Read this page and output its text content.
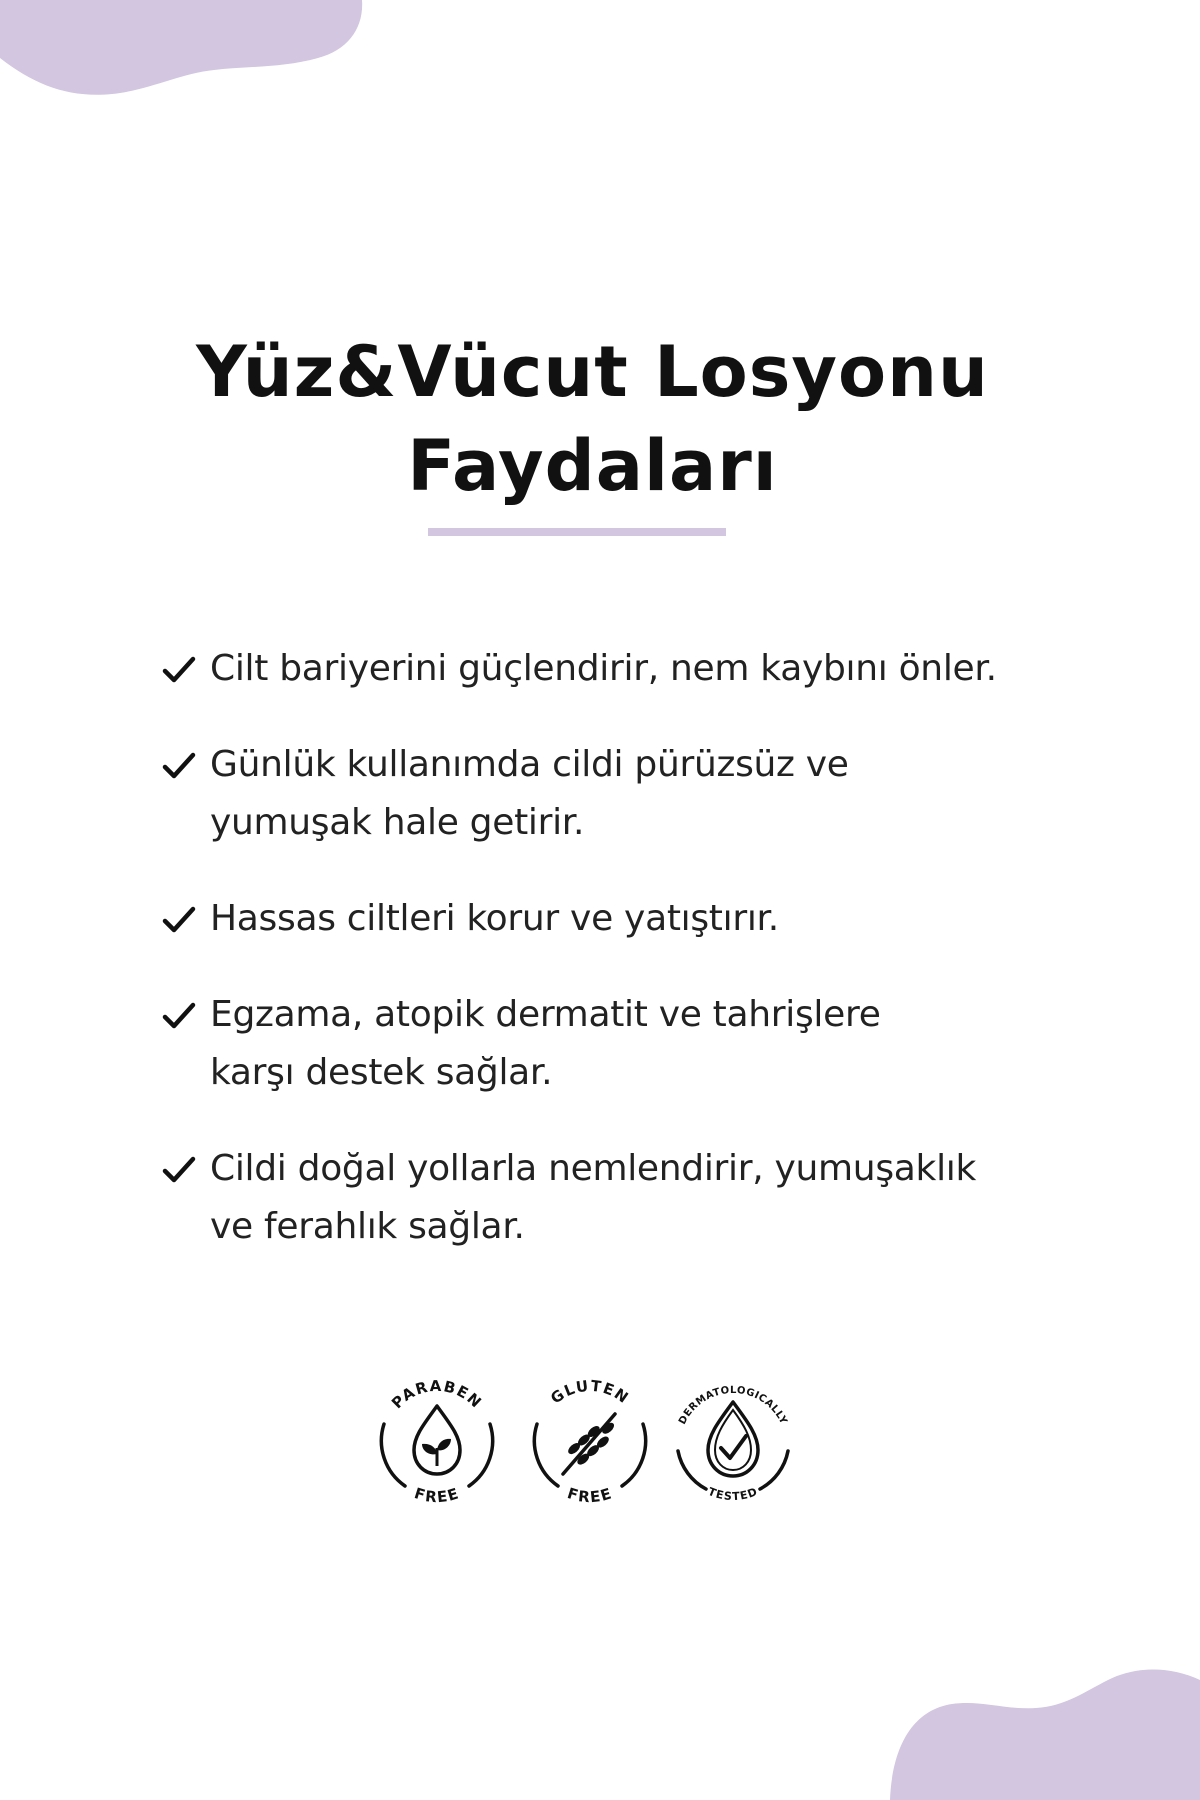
Yüz&Vücut Losyonu
Faydaları
Cilt bariyerini güçlendirir, nem kaybını önler.
Günlük kullanımda cildi pürüzsüz ve
yumuşak hale getirir.
Hassas ciltleri korur ve yatıştırır.
Egzama, atopik dermatit ve tahrişlere
karşı destek sağlar.
Cildi doğal yollarla nemlendirir, yumuşaklık
ve ferahlık sağlar.
PARABEN
FREE
GLUTEN
FREE
DERMATOLOGICALLY
TESTED
